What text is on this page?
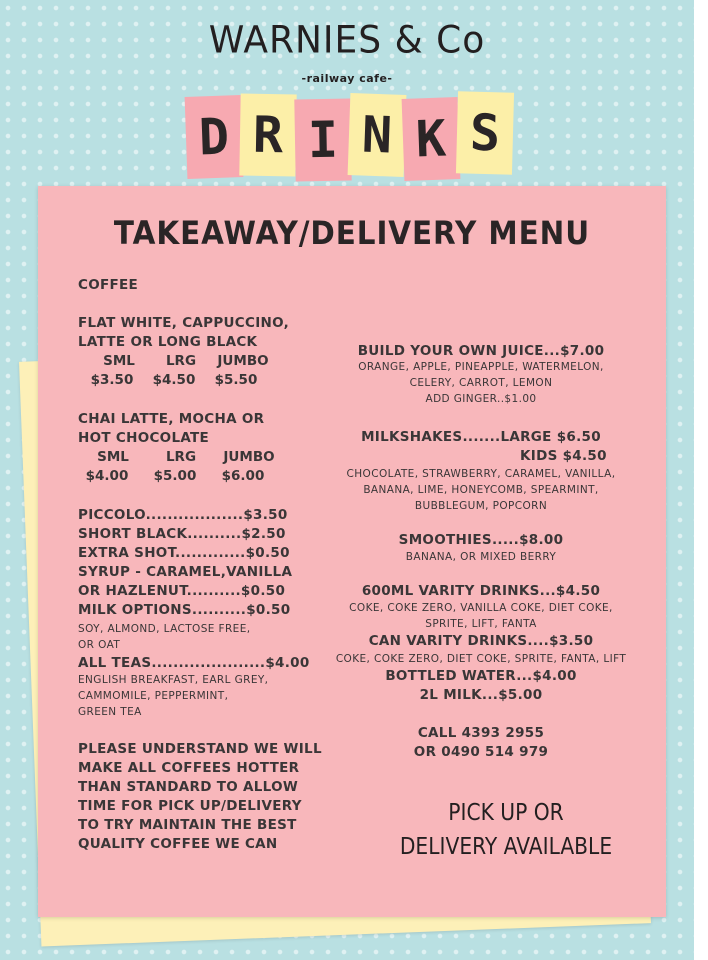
WARNIES & Co
-railway cafe-
D R I N K S
TAKEAWAY/DELIVERY MENU
COFFEE
FLAT WHITE, CAPPUCCINO,
LATTE OR LONG BLACK
SML	LRG	JUMBO
$3.50	$4.50	$5.50
CHAI LATTE, MOCHA OR
HOT CHOCOLATE
SML	LRG	JUMBO
$4.00	$5.00	$6.00
PICCOLO..................$3.50
SHORT BLACK..........$2.50
EXTRA SHOT.............$0.50
SYRUP - CARAMEL,VANILLA
OR HAZLENUT..........$0.50
MILK OPTIONS..........$0.50
SOY, ALMOND, LACTOSE FREE,
OR OAT
ALL TEAS.....................$4.00
ENGLISH BREAKFAST, EARL GREY,
CAMMOMILE, PEPPERMINT,
GREEN TEA
PLEASE UNDERSTAND WE WILL
MAKE ALL COFFEES HOTTER
THAN STANDARD TO ALLOW
TIME FOR PICK UP/DELIVERY
TO TRY MAINTAIN THE BEST
QUALITY COFFEE WE CAN
BUILD YOUR OWN JUICE...$7.00
ORANGE, APPLE, PINEAPPLE, WATERMELON,
CELERY, CARROT, LEMON
ADD GINGER..$1.00
MILKSHAKES.......LARGE $6.50
KIDS $4.50
CHOCOLATE, STRAWBERRY, CARAMEL, VANILLA,
BANANA, LIME, HONEYCOMB, SPEARMINT,
BUBBLEGUM, POPCORN
SMOOTHIES.....$8.00
BANANA, OR MIXED BERRY
600ML VARITY DRINKS...$4.50
COKE, COKE ZERO, VANILLA COKE, DIET COKE,
SPRITE, LIFT, FANTA
CAN VARITY DRINKS....$3.50
COKE, COKE ZERO, DIET COKE, SPRITE, FANTA, LIFT
BOTTLED WATER...$4.00
2L MILK...$5.00
CALL 4393 2955
OR 0490 514 979
PICK UP OR
DELIVERY AVAILABLE
